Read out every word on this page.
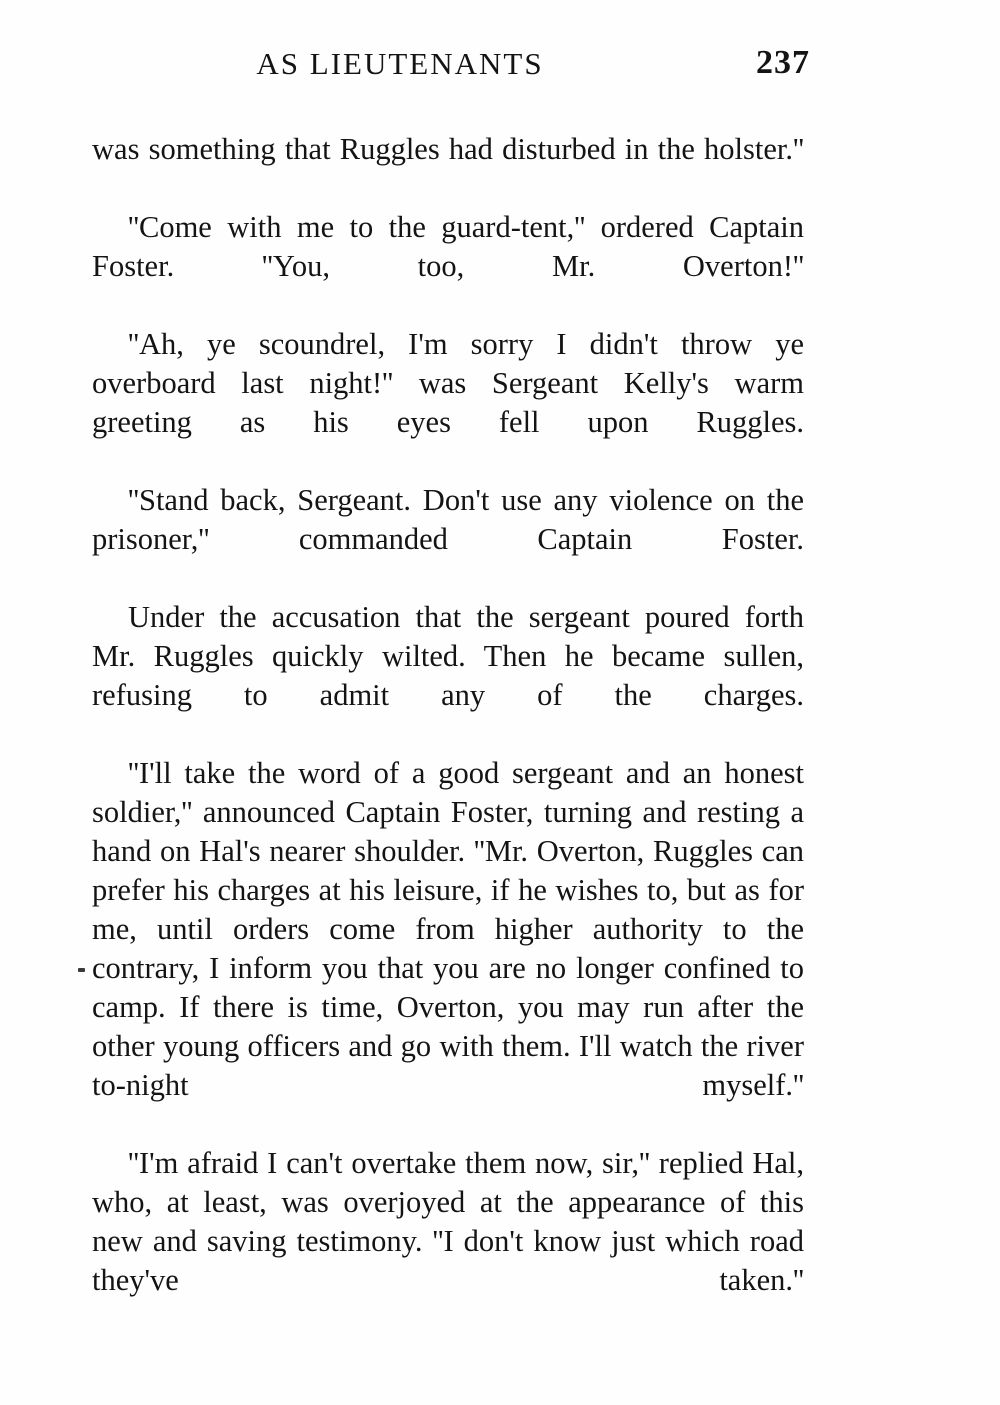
AS LIEUTENANTS	237

was something that Ruggles had disturbed in the holster.''

''Come with me to the guard-tent,'' ordered Captain Foster. ''You, too, Mr. Overton!''

''Ah, ye scoundrel, I'm sorry I didn't throw ye overboard last night!'' was Sergeant Kelly's warm greeting as his eyes fell upon Ruggles.

''Stand back, Sergeant. Don't use any violence on the prisoner,'' commanded Captain Foster.

Under the accusation that the sergeant poured forth Mr. Ruggles quickly wilted. Then he became sullen, refusing to admit any of the charges.

''I'll take the word of a good sergeant and an honest soldier,'' announced Captain Foster, turning and resting a hand on Hal's nearer shoulder. ''Mr. Overton, Ruggles can prefer his charges at his leisure, if he wishes to, but as for me, until orders come from higher authority to the contrary, I inform you that you are no longer confined to camp. If there is time, Overton, you may run after the other young officers and go with them. I'll watch the river to-night myself.''

''I'm afraid I can't overtake them now, sir,'' replied Hal, who, at least, was overjoyed at the appearance of this new and saving testimony. ''I don't know just which road they've taken.''
